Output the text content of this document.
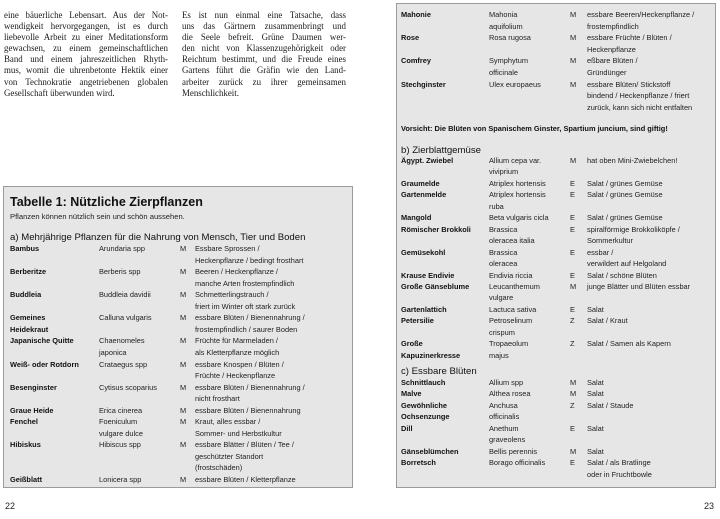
eine bäuerliche Lebensart. Aus der Not-
wendigkeit hervorgegangen, ist es durch
liebevolle Arbeit zu einer Meditationsform
gewachsen, zu einem gemeinschaftlichen
Band und einem jahreszeitlichen Rhyth-
mus, womit die uhrenbetonte Hektik einer
von Technokratie angetriebenen globalen
Gesellschaft überwunden wird.
Es ist nun einmal eine Tatsache, dass
uns das Gärtnern zusammenbringt und
die Seele befreit. Grüne Daumen wer-
den nicht von Klassenzugehörigkeit oder
Reichtum bestimmt, und die Freude eines
Gartens führt die Gräfin wie den Land-
arbeiter zurück zu ihrer gemeinsamen
Menschlichkeit.
Tabelle 1: Nützliche Zierpflanzen
Pflanzen können nützlich sein und schön aussehen.
a) Mehrjährige Pflanzen für die Nahrung von Mensch, Tier und Boden
Bambus	Arundaria spp	M Essbare Sprossen /
Heckenpflanze / bedingt frosthart
Berberitze	Berberis spp	M Beeren / Heckenpflanze /
manche Arten frostempfindlich
Buddleia	Buddleia davidii	M Schmetterlingstrauch /
friert im Winter oft stark zurück
Gemeines	Calluna vulgaris	M essbare Blüten / Bienennahrung /
Heidekraut	frostempfindlich / saurer Boden
Japanische Quitte	Chaenomeles	M Früchte für Marmeladen /
japonica	als Kletterpflanze möglich
Weiß- oder Rotdorn	Crataegus spp	M essbare Knospen / Blüten /
Früchte / Heckenpflanze
Besenginster	Cytisus scoparius	M essbare Blüten / Bienennahrung /
nicht frosthart
Graue Heide	Erica cinerea	M essbare Blüten / Bienennahrung
Fenchel	Foeniculum	M Kraut, alles essbar /
vulgare dulce	Sommer- und Herbstkultur
Hibiskus	Hibiscus spp	M essbare Blätter / Blüten / Tee /
geschützter Standort
(frostschäden)
Geißblatt	Lonicera spp	M essbare Blüten / Kletterpflanze
Mahonie	Mahonia	M essbare Beeren/Heckenpflanze /
aquifolium	frostempfindlich
Rose	Rosa rugosa	M essbare Früchte / Blüten /
Heckenpflanze
Comfrey	Symphytum	M eßbare Blüten /
officinale	Gründünger
Stechginster	Ulex europaeus	M essbare Blüten/ Stickstoff
bindend / Heckenpflanze / friert
zurück, kann sich nicht entfalten
Vorsicht: Die Blüten von Spanischem Ginster, Spartium juncium, sind giftig!
b) Zierblattgemüse
Ägypt. Zwiebel	Allium cepa var.	M hat oben Mini-Zwiebelchen!
viviprium
Graumelde	Atriplex hortensis	E Salat / grünes Gemüse
Gartenmelde	Atriplex hortensis	E Salat / grünes Gemüse
ruba
Mangold	Beta vulgaris cicla	E Salat / grünes Gemüse
Römischer Brokkoli Brassica	E spiralförmige Brokkoliköpfe /
oleracea italia	Sommerkultur
Gemüsekohl	Brassica	E essbar /
oleracea	verwildert auf Helgoland
Krause Endivie	Endivia riccia	E Salat / schöne Blüten
Große Gänseblume	Leucanthemum	M junge Blätter und Blüten essbar
vulgare
Gartenlattich	Lactuca sativa	E Salat
Petersilie	Petroselinum	Z Salat / Kraut
crispum
Große	Tropaeolum	Z Salat / Samen als Kapern
Kapuzinerkresse	majus
c) Essbare Blüten
Schnittlauch	Allium spp	M Salat
Malve	Althea rosea	M Salat
Gewöhnliche	Anchusa	Z Salat / Staude
Ochsenzunge	officinalis
Dill	Anethum	E Salat
graveolens
Gänseblümchen	Bellis perennis	M Salat
Borretsch	Borago officinalis	E Salat / als Bratlinge
oder in Fruchtbowle
22	23
